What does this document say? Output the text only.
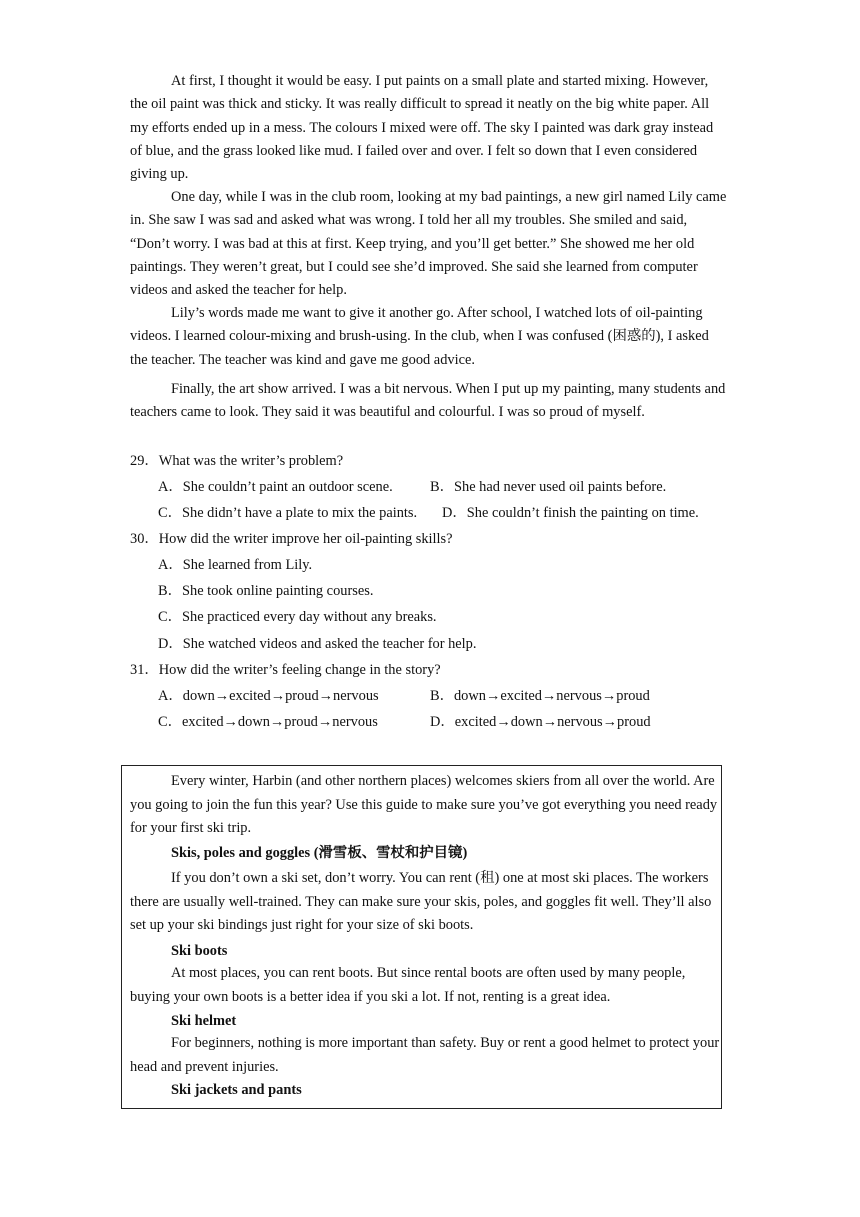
At first, I thought it would be easy. I put paints on a small plate and started mixing. However, the oil paint was thick and sticky. It was really difficult to spread it neatly on the big white paper. All my efforts ended up in a mess. The colours I mixed were off. The sky I painted was dark gray instead of blue, and the grass looked like mud. I failed over and over. I felt so down that I even considered giving up.

One day, while I was in the club room, looking at my bad paintings, a new girl named Lily came in. She saw I was sad and asked what was wrong. I told her all my troubles. She smiled and said, “Don’t worry. I was bad at this at first. Keep trying, and you’ll get better.” She showed me her old paintings. They weren’t great, but I could see she’d improved. She said she learned from computer videos and asked the teacher for help.

Lily’s words made me want to give it another go. After school, I watched lots of oil-painting videos. I learned colour-mixing and brush-using. In the club, when I was confused (困惑的), I asked the teacher. The teacher was kind and gave me good advice.

Finally, the art show arrived. I was a bit nervous. When I put up my painting, many students and teachers came to look. They said it was beautiful and colourful. I was so proud of myself.

29．What was the writer’s problem?
A．She couldn’t paint an outdoor scene.	B．She had never used oil paints before.
C．She didn’t have a plate to mix the paints. D．She couldn’t finish the painting on time.
30．How did the writer improve her oil-painting skills?
A．She learned from Lily.
B．She took online painting courses.
C．She practiced every day without any breaks.
D．She watched videos and asked the teacher for help.
31．How did the writer’s feeling change in the story?
A．down→excited→proud→nervous	B．down→excited→nervous→proud
C．excited→down→proud→nervous	D．excited→down→nervous→proud

Every winter, Harbin (and other northern places) welcomes skiers from all over the world. Are you going to join the fun this year? Use this guide to make sure you’ve got everything you need ready for your first ski trip.

Skis, poles and goggles (滑雪板、雪杖和护目镜)

If you don’t own a ski set, don’t worry. You can rent (租) one at most ski places. The workers there are usually well-trained. They can make sure your skis, poles, and goggles fit well. They’ll also set up your ski bindings just right for your size of ski boots.

Ski boots

At most places, you can rent boots. But since rental boots are often used by many people, buying your own boots is a better idea if you ski a lot. If not, renting is a great idea.

Ski helmet

For beginners, nothing is more important than safety. Buy or rent a good helmet to protect your head and prevent injuries.

Ski jackets and pants
